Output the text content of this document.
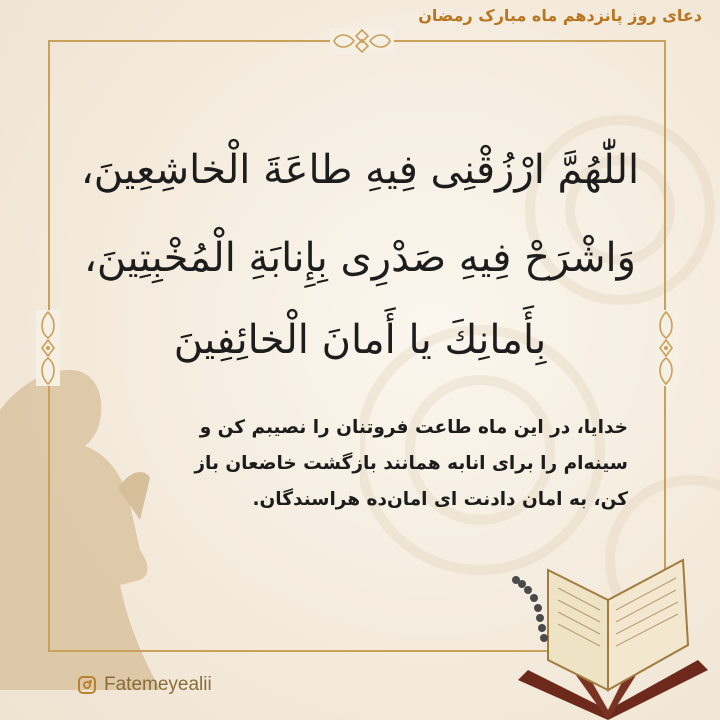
دعای روز پانزدهم ماه مبارک رمضان
اللّٰهُمَّ ارْزُقْنِی فِیهِ طاعَةَ الْخاشِعِینَ،
وَاشْرَحْ فِیهِ صَدْرِی بِإِنابَةِ الْمُخْبِتِینَ،
بِأَمانِكَ یا أَمانَ الْخائِفِینَ
خدایا، در این ماه طاعت فروتنان را نصیبم کن و
سینه‌ام را برای انابه همانند بازگشت خاضعان باز
کن، به امان دادنت ای امان‌ده هراسندگان.
Fatemeyealii
